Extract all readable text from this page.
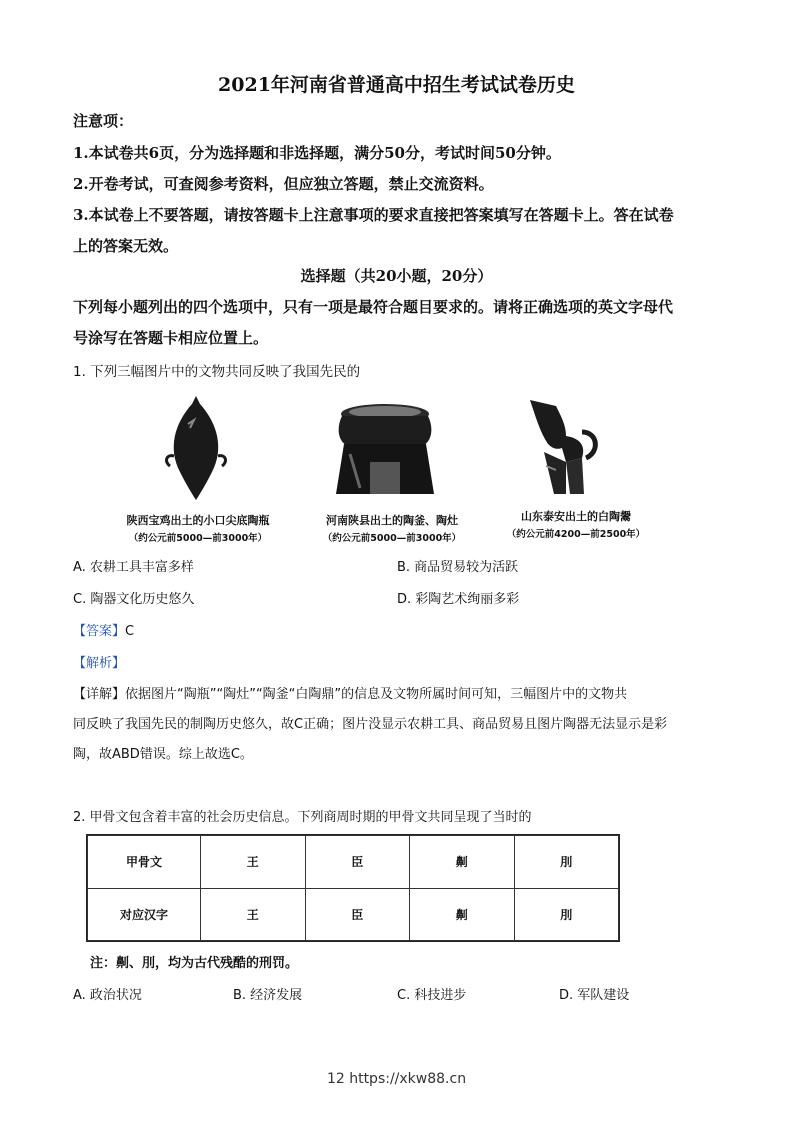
2021年河南省普通高中招生考试试卷历史
注意项：
1.本试卷共6页，分为选择题和非选择题，满分50分，考试时间50分钟。
2.开卷考试，可查阅参考资料，但应独立答题，禁止交流资料。
3.本试卷上不要答题，请按答题卡上注意事项的要求直接把答案填写在答题卡上。答在试卷
上的答案无效。
选择题（共20小题，20分）
下列每小题列出的四个选项中，只有一项是最符合题目要求的。请将正确选项的英文字母代
号涂写在答题卡相应位置上。
1. 下列三幅图片中的文物共同反映了我国先民的
陕西宝鸡出土的小口尖底陶瓶
（约公元前5000—前3000年）
河南陕县出土的陶釜、陶灶
（约公元前5000—前3000年）
山东泰安出土的白陶鬶
（约公元前4200—前2500年）
A. 农耕工具丰富多样	B. 商品贸易较为活跃
C. 陶器文化历史悠久	D. 彩陶艺术绚丽多彩
【答案】C
【解析】
【详解】依据图片“陶瓶”“陶灶”“陶釜“白陶鼎”的信息及文物所属时间可知，三幅图片中的文物共
同反映了我国先民的制陶历史悠久，故C正确；图片没显示农耕工具、商品贸易且图片陶器无法显示是彩
陶，故ABD错误。综上故选C。
2. 甲骨文包含着丰富的社会历史信息。下列商周时期的甲骨文共同呈现了当时的
甲骨文	王	臣	劓	刖
对应汉字	王	臣	劓	刖
注：劓、刖，均为古代残酷的刑罚。
A. 政治状况	B. 经济发展	C. 科技进步	D. 军队建设
12 https://xkw88.cn
